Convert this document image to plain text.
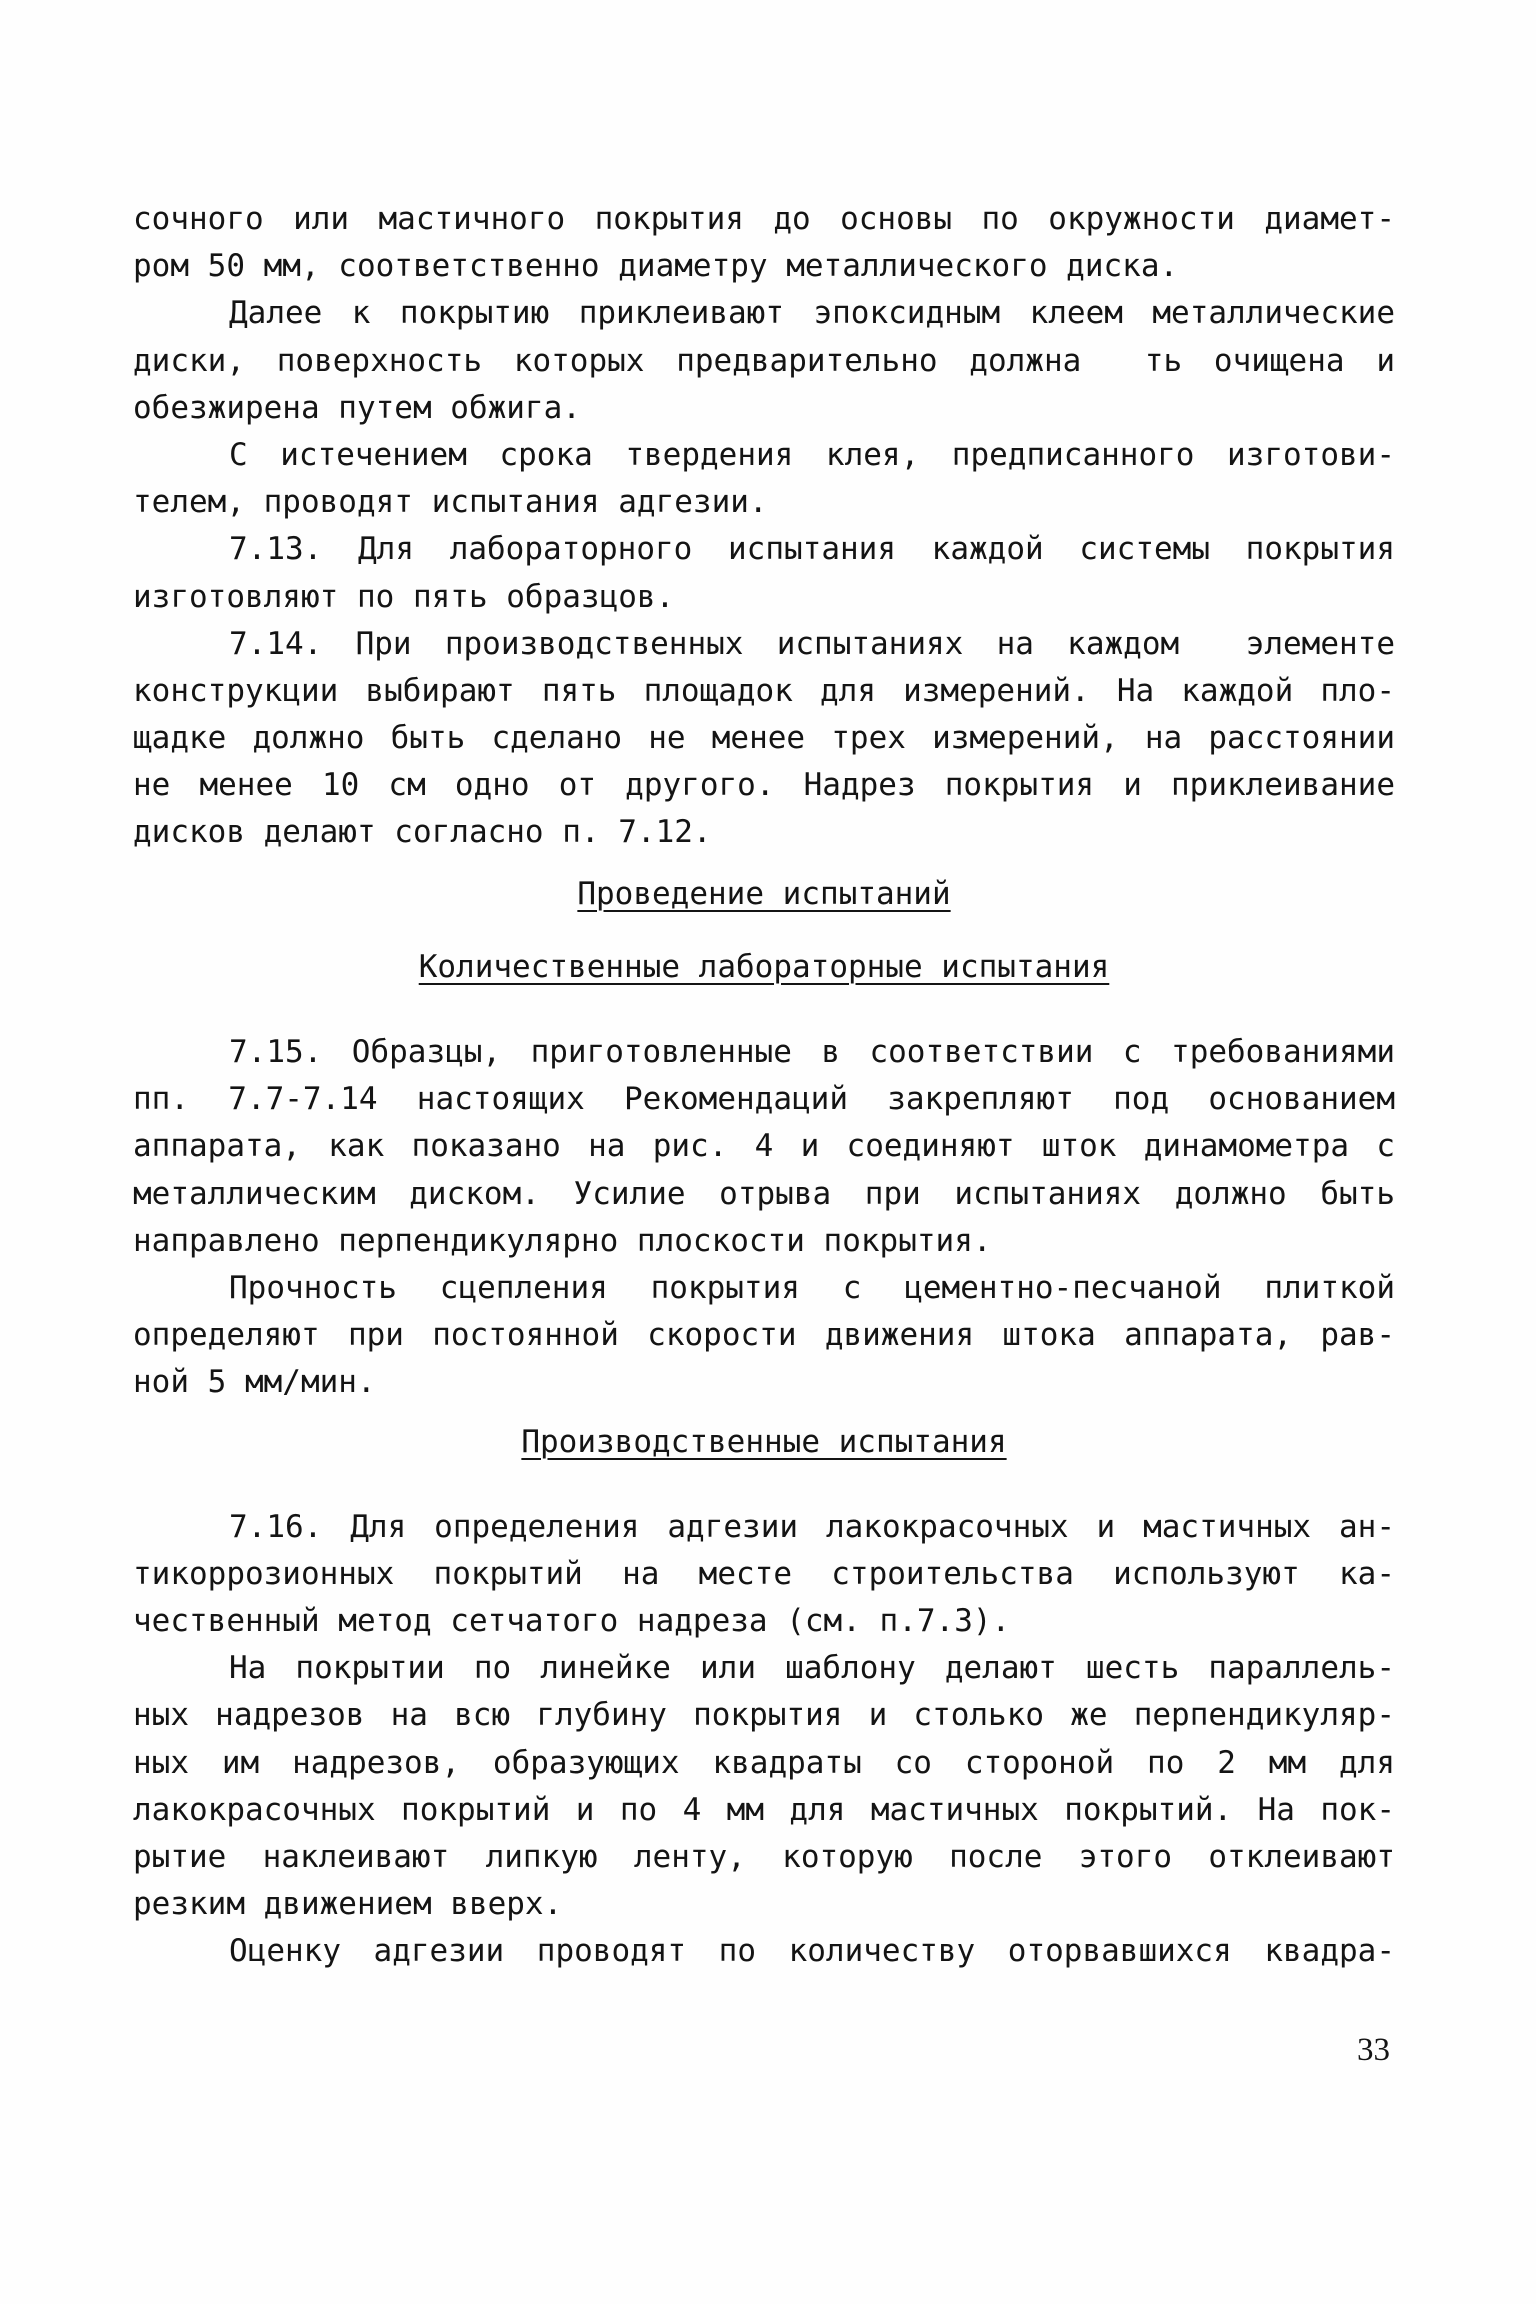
сочного или мастичного покрытия до основы по окружности диамет-
ром 50 мм, соответственно диаметру металлического диска.
Далее к покрытию приклеивают эпоксидным клеем металлические
диски, поверхность которых предварительно должна  ть очищена и
обезжирена путем обжига.
С истечением срока твердения клея, предписанного изготови-
телем, проводят испытания адгезии.
7.13. Для лабораторного испытания каждой системы покрытия
изготовляют по пять образцов.
7.14. При производственных испытаниях на каждом  элементе
конструкции выбирают пять площадок для измерений. На каждой пло-
щадке должно быть сделано не менее трех измерений, на расстоянии
не менее 10 см одно от другого. Надрез покрытия и приклеивание
дисков делают согласно п. 7.12.
Проведение испытаний
Количественные лабораторные испытания
7.15. Образцы, приготовленные в соответствии с требованиями
пп. 7.7-7.14 настоящих Рекомендаций закрепляют под основанием
аппарата, как показано на рис. 4 и соединяют шток динамометра с
металлическим диском. Усилие отрыва при испытаниях должно быть
направлено перпендикулярно плоскости покрытия.
Прочность сцепления покрытия с цементно-песчаной плиткой
определяют при постоянной скорости движения штока аппарата, рав-
ной 5 мм/мин.
Производственные испытания
7.16. Для определения адгезии лакокрасочных и мастичных ан-
тикоррозионных покрытий на месте строительства используют ка-
чественный метод сетчатого надреза (см. п.7.3).
На покрытии по линейке или шаблону делают шесть параллель-
ных надрезов на всю глубину покрытия и столько же перпендикуляр-
ных им надрезов, образующих квадраты со стороной по 2 мм для
лакокрасочных покрытий и по 4 мм для мастичных покрытий. На пок-
рытие наклеивают липкую ленту, которую после этого отклеивают
резким движением вверх.
Оценку адгезии проводят по количеству оторвавшихся квадра-
33
